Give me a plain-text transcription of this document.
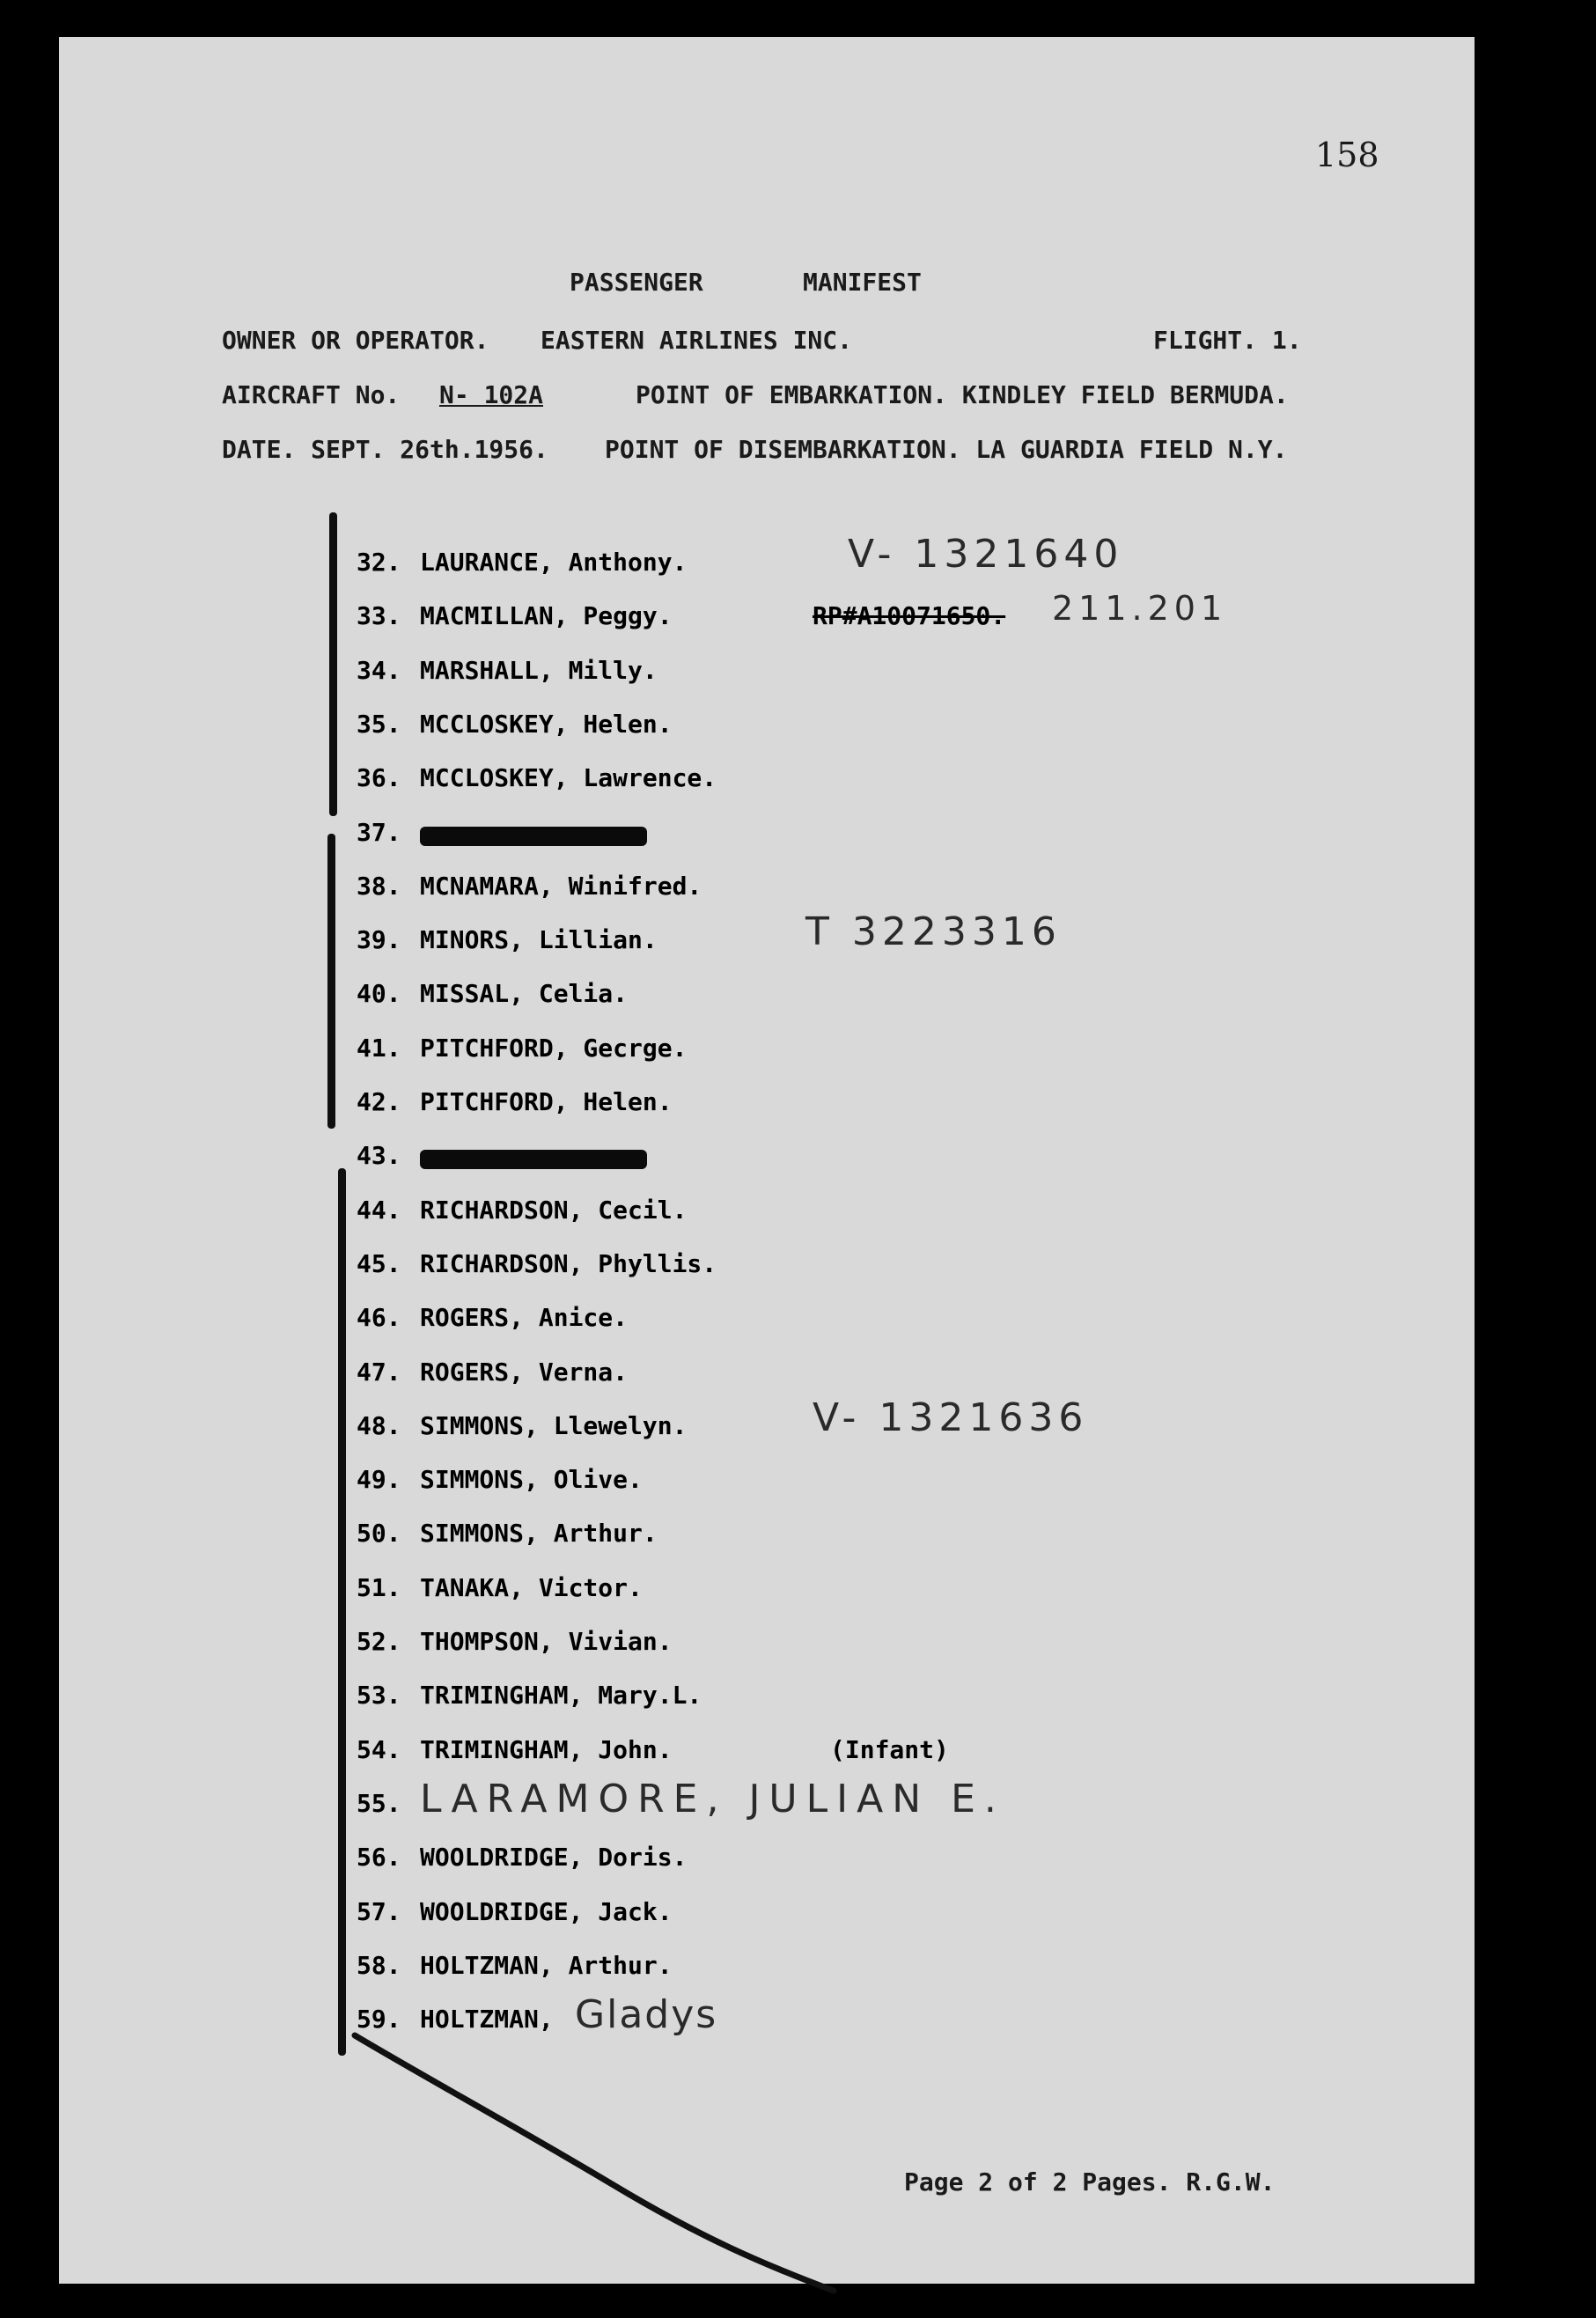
158
PASSENGER	MANIFEST
OWNER OR OPERATOR. EASTERN AIRLINES INC.	FLIGHT. 1.
AIRCRAFT No. N- 102A	POINT OF EMBARKATION. KINDLEY FIELD BERMUDA.
DATE. SEPT. 26th.1956. POINT OF DISEMBARKATION. LA GUARDIA FIELD N.Y.
32. LAURANCE, Anthony.	V- 1321640
33. MACMILLAN, Peggy.	RP#A10071650. 211.201
34. MARSHALL, Milly.
35. MCCLOSKEY, Helen.
36. MCCLOSKEY, Lawrence.
37.
38. MCNAMARA, Winifred.
39. MINORS, Lillian.	T 3223316
40. MISSAL, Celia.
41. PITCHFORD, Gecrge.
42. PITCHFORD, Helen.
43.
44. RICHARDSON, Cecil.
45. RICHARDSON, Phyllis.
46. ROGERS, Anice.
47. ROGERS, Verna.
48. SIMMONS, Llewelyn.	V- 1321636
49. SIMMONS, Olive.
50. SIMMONS, Arthur.
51. TANAKA, Victor.
52. THOMPSON, Vivian.
53. TRIMINGHAM, Mary.L.
54. TRIMINGHAM, John.	(Infant)
55. LARAMORE, JULIAN E.
56. WOOLDRIDGE, Doris.
57. WOOLDRIDGE, Jack.
58. HOLTZMAN, Arthur.
59. HOLTZMAN, Gladys
Page 2 of 2 Pages. R.G.W.
